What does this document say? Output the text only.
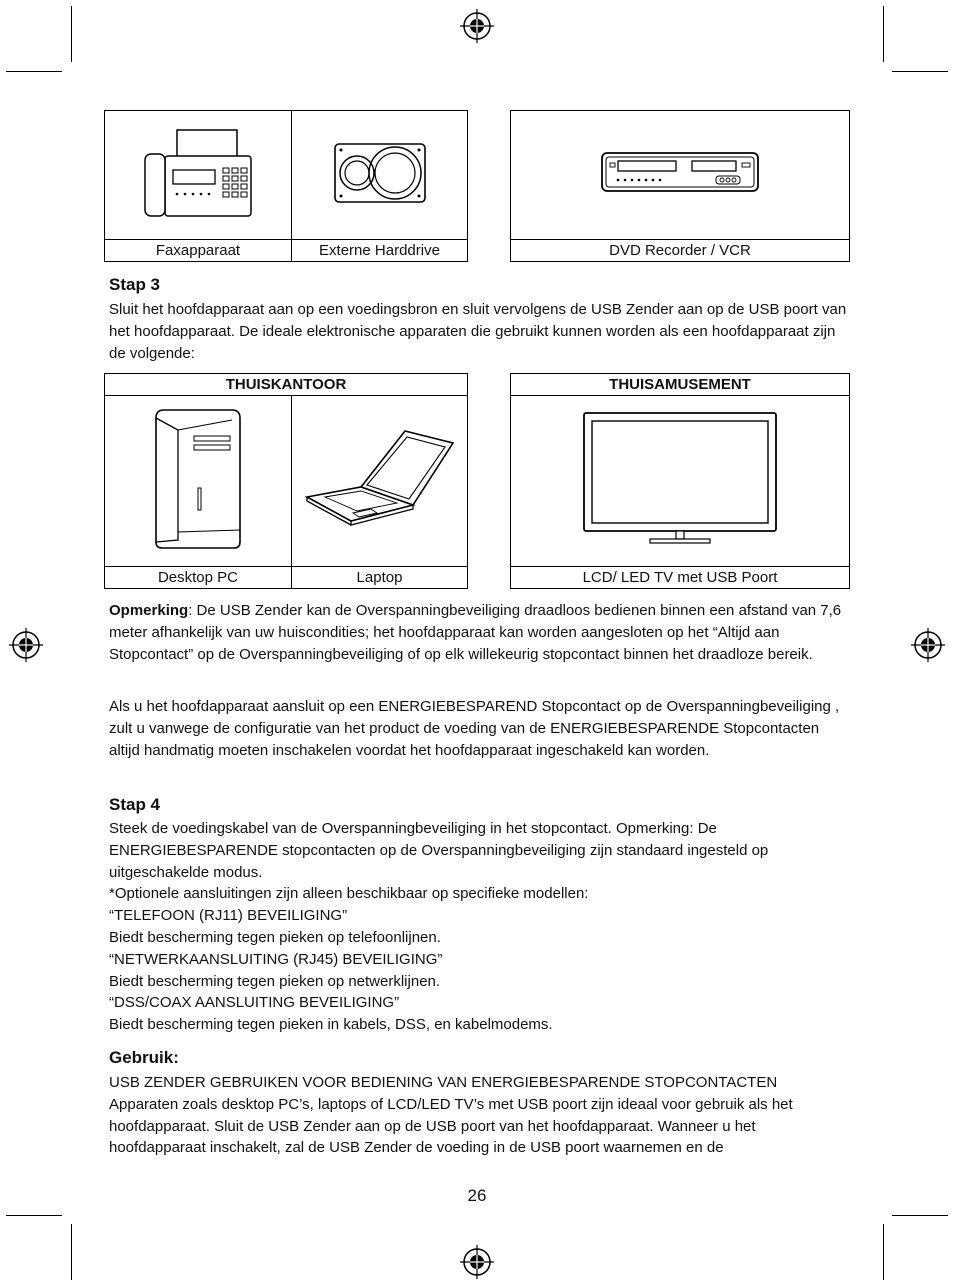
Faxapparaat	Externe Harddrive	DVD Recorder / VCR
Stap 3
Sluit het hoofdapparaat aan op een voedingsbron en sluit vervolgens de USB Zender aan op de USB poort van het hoofdapparaat. De ideale elektronische apparaten die gebruikt kunnen worden als een hoofdapparaat zijn de volgende:
THUISKANTOOR	

Desktop PC	Laptop
THUISAMUSEMENT

LCD/ LED TV met USB Poort
Opmerking: De USB Zender kan de Overspanningbeveiliging draadloos bedienen binnen een afstand van 7,6 meter afhankelijk van uw huiscondities; het hoofdapparaat kan worden aangesloten op het “Altijd aan Stopcontact” op de Overspanningbeveiliging of op elk willekeurig stopcontact binnen het draadloze bereik.
Als u het hoofdapparaat aansluit op een ENERGIEBESPAREND Stopcontact op de Overspanningbeveiliging , zult u vanwege de configuratie van het product de voeding van de ENERGIEBESPARENDE Stopcontacten altijd handmatig moeten inschakelen voordat het hoofdapparaat ingeschakeld kan worden.
Stap 4

Steek de voedingskabel van de Overspanningbeveiliging in het stopcontact. Opmerking: De ENERGIEBESPARENDE stopcontacten op de Overspanningbeveiliging zijn standaard ingesteld op uitgeschakelde modus.

*Optionele aansluitingen zijn alleen beschikbaar op specifieke modellen:

“TELEFOON (RJ11) BEVEILIGING”

Biedt bescherming tegen pieken op telefoonlijnen.

“NETWERKAANSLUITING (RJ45) BEVEILIGING”

Biedt bescherming tegen pieken op netwerklijnen.

“DSS/COAX AANSLUITING BEVEILIGING”

Biedt bescherming tegen pieken in kabels, DSS, en kabelmodems.

Gebruik:

USB ZENDER GEBRUIKEN VOOR BEDIENING VAN ENERGIEBESPARENDE STOPCONTACTEN

Apparaten zoals desktop PC’s, laptops of LCD/LED TV’s met USB poort zijn ideaal voor gebruik als het hoofdapparaat. Sluit de USB Zender aan op de USB poort van het hoofdapparaat. Wanneer u het hoofdapparaat inschakelt, zal de USB Zender de voeding in de USB poort waarnemen en de

26
